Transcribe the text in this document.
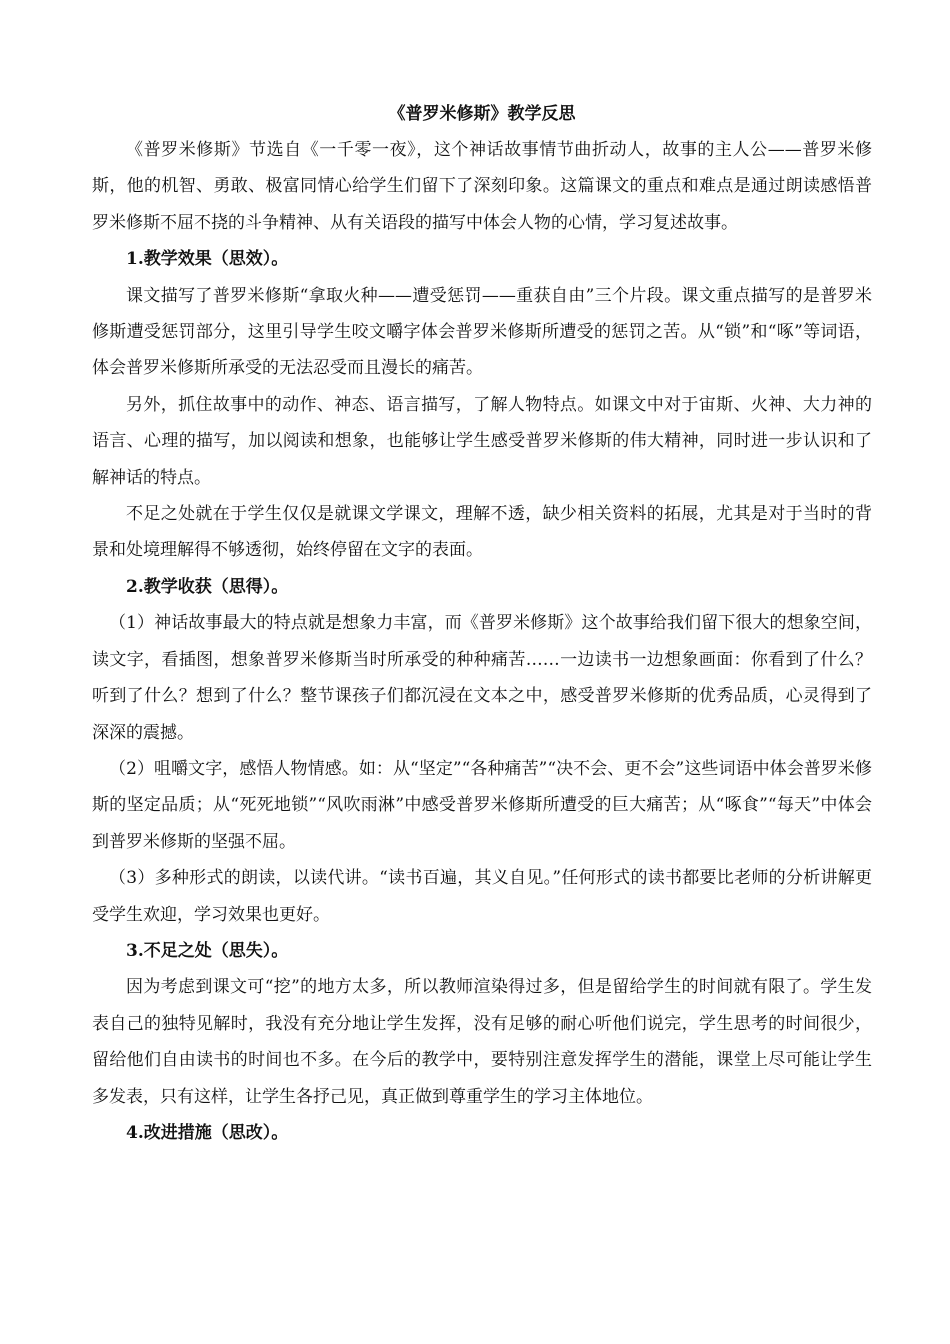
《普罗米修斯》教学反思

《普罗米修斯》节选自《一千零一夜》，这个神话故事情节曲折动人，故事的主人公——普罗米修斯，他的机智、勇敢、极富同情心给学生们留下了深刻印象。这篇课文的重点和难点是通过朗读感悟普罗米修斯不屈不挠的斗争精神、从有关语段的描写中体会人物的心情，学习复述故事。

1.教学效果（思效）。

课文描写了普罗米修斯“拿取火种——遭受惩罚——重获自由”三个片段。课文重点描写的是普罗米修斯遭受惩罚部分，这里引导学生咬文嚼字体会普罗米修斯所遭受的惩罚之苦。从“锁”和“啄”等词语，体会普罗米修斯所承受的无法忍受而且漫长的痛苦。

另外，抓住故事中的动作、神态、语言描写，了解人物特点。如课文中对于宙斯、火神、大力神的语言、心理的描写，加以阅读和想象，也能够让学生感受普罗米修斯的伟大精神，同时进一步认识和了解神话的特点。

不足之处就在于学生仅仅是就课文学课文，理解不透，缺少相关资料的拓展，尤其是对于当时的背景和处境理解得不够透彻，始终停留在文字的表面。

2.教学收获（思得）。

（1）神话故事最大的特点就是想象力丰富，而《普罗米修斯》这个故事给我们留下很大的想象空间，读文字，看插图，想象普罗米修斯当时所承受的种种痛苦……一边读书一边想象画面：你看到了什么？听到了什么？想到了什么？整节课孩子们都沉浸在文本之中，感受普罗米修斯的优秀品质，心灵得到了深深的震撼。

（2）咀嚼文字，感悟人物情感。如：从“坚定”“各种痛苦”“决不会、更不会”这些词语中体会普罗米修斯的坚定品质；从“死死地锁”“风吹雨淋”中感受普罗米修斯所遭受的巨大痛苦；从“啄食”“每天”中体会到普罗米修斯的坚强不屈。

（3）多种形式的朗读，以读代讲。“读书百遍，其义自见。”任何形式的读书都要比老师的分析讲解更受学生欢迎，学习效果也更好。

3.不足之处（思失）。

因为考虑到课文可“挖”的地方太多，所以教师渲染得过多，但是留给学生的时间就有限了。学生发表自己的独特见解时，我没有充分地让学生发挥，没有足够的耐心听他们说完，学生思考的时间很少，留给他们自由读书的时间也不多。在今后的教学中，要特别注意发挥学生的潜能，课堂上尽可能让学生多发表，只有这样，让学生各抒己见，真正做到尊重学生的学习主体地位。

4.改进措施（思改）。
